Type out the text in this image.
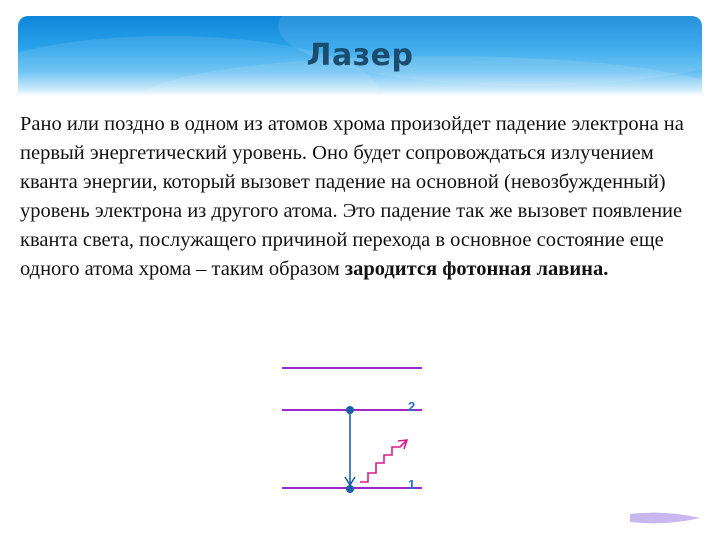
Лазер

Рано или поздно в одном из атомов хрома произойдет падение электрона на первый энергетический уровень. Оно будет сопровождаться излучением кванта энергии, который вызовет падение на основной (невозбужденный) уровень электрона из другого атома. Это падение так же вызовет появление кванта света, послужащего причиной перехода в основное состояние еще одного атома хрома – таким образом зародится фотонная лавина.

2
1
